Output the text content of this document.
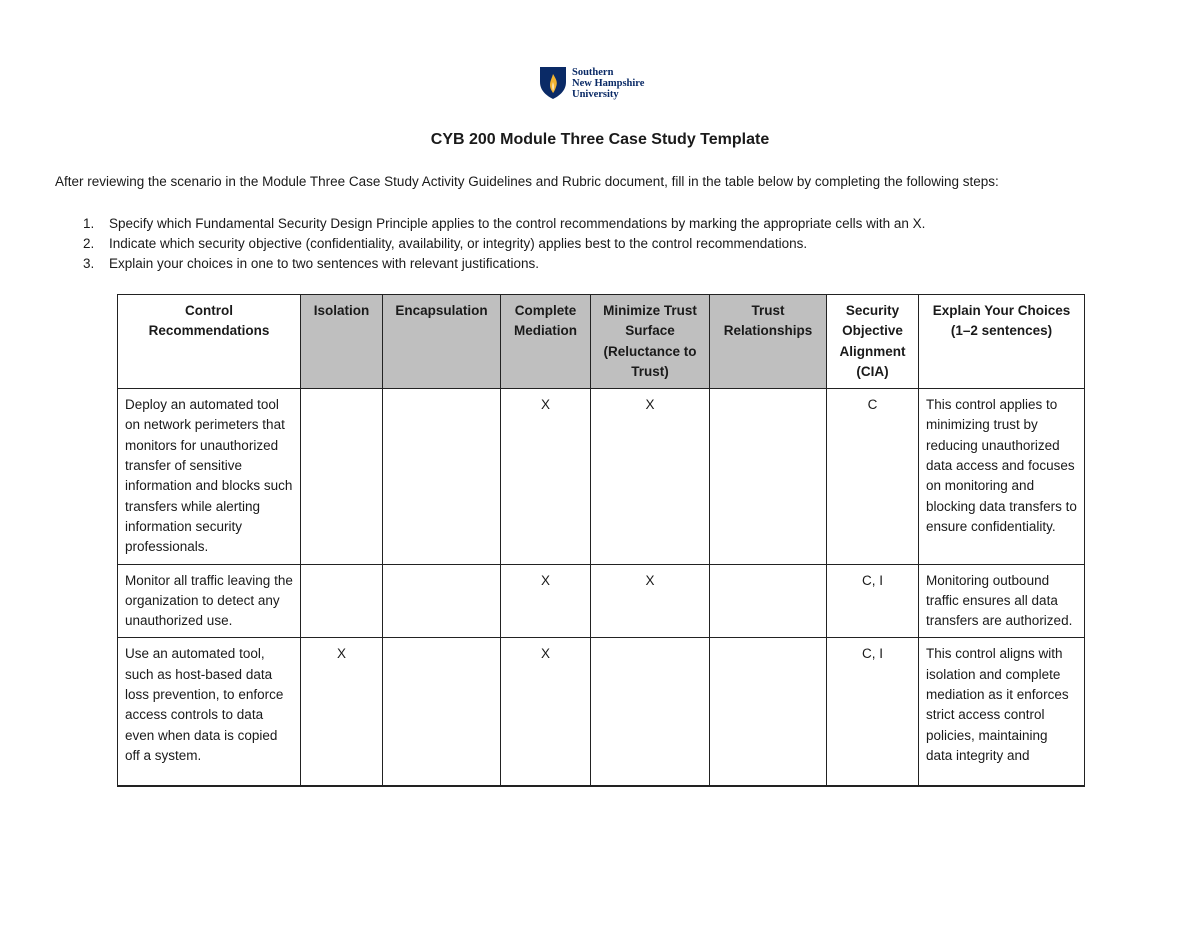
Southern
New Hampshire
University
CYB 200 Module Three Case Study Template
After reviewing the scenario in the Module Three Case Study Activity Guidelines and Rubric document, fill in the table below by completing the following steps:
1.	Specify which Fundamental Security Design Principle applies to the control recommendations by marking the appropriate cells with an X.
2.	Indicate which security objective (confidentiality, availability, or integrity) applies best to the control recommendations.
3.	Explain your choices in one to two sentences with relevant justifications.
Control Recommendations	Isolation	Encapsulation	Complete Mediation	Minimize Trust Surface (Reluctance to Trust)	Trust Relationships	Security Objective Alignment (CIA)	Explain Your Choices (1–2 sentences)
Deploy an automated tool on network perimeters that monitors for unauthorized transfer of sensitive information and blocks such transfers while alerting information security professionals.			X	X		C	This control applies to minimizing trust by reducing unauthorized data access and focuses on monitoring and blocking data transfers to ensure confidentiality.
Monitor all traffic leaving the organization to detect any unauthorized use.			X	X		C, I	Monitoring outbound traffic ensures all data transfers are authorized.

Use an automated tool, such as host-based data loss prevention, to enforce access controls to data even when data is copied off a system.	X		X			C, I	This control aligns with isolation and complete mediation as it enforces strict access control policies, maintaining data integrity and
